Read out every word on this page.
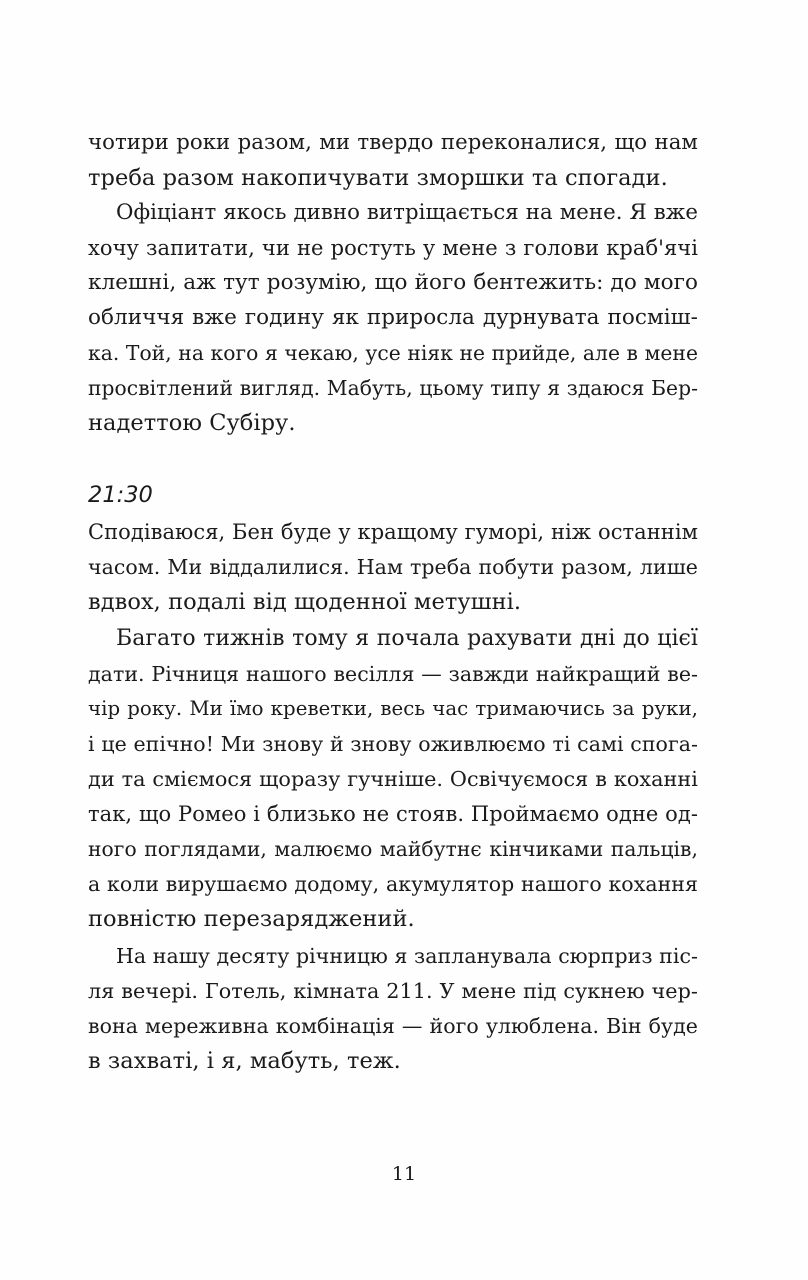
чотири роки разом, ми твердо переконалися, що нам
треба разом накопичувати зморшки та спогади.
Офіціант якось дивно витріщається на мене. Я вже
хочу запитати, чи не ростуть у мене з голови краб'ячі
клешні, аж тут розумію, що його бентежить: до мого
обличчя вже годину як приросла дурнувата посміш-
ка. Той, на кого я чекаю, усе ніяк не прийде, але в мене
просвітлений вигляд. Мабуть, цьому типу я здаюся Бер-
надеттою Субіру.
21:30
Сподіваюся, Бен буде у кращому гуморі, ніж останнім
часом. Ми віддалилися. Нам треба побути разом, лише
вдвох, подалі від щоденної метушні.
Багато тижнів тому я почала рахувати дні до цієї
дати. Річниця нашого весілля — завжди найкращий ве-
чір року. Ми їмо креветки, весь час тримаючись за руки,
і це епічно! Ми знову й знову оживлюємо ті самі спога-
ди та сміємося щоразу гучніше. Освічуємося в коханні
так, що Ромео і близько не стояв. Проймаємо одне од-
ного поглядами, малюємо майбутнє кінчиками пальців,
а коли вирушаємо додому, акумулятор нашого кохання
повністю перезаряджений.
На нашу десяту річницю я запланувала сюрприз піс-
ля вечері. Готель, кімната 211. У мене під сукнею чер-
вона мереживна комбінація — його улюблена. Він буде
в захваті, і я, мабуть, теж.
11
